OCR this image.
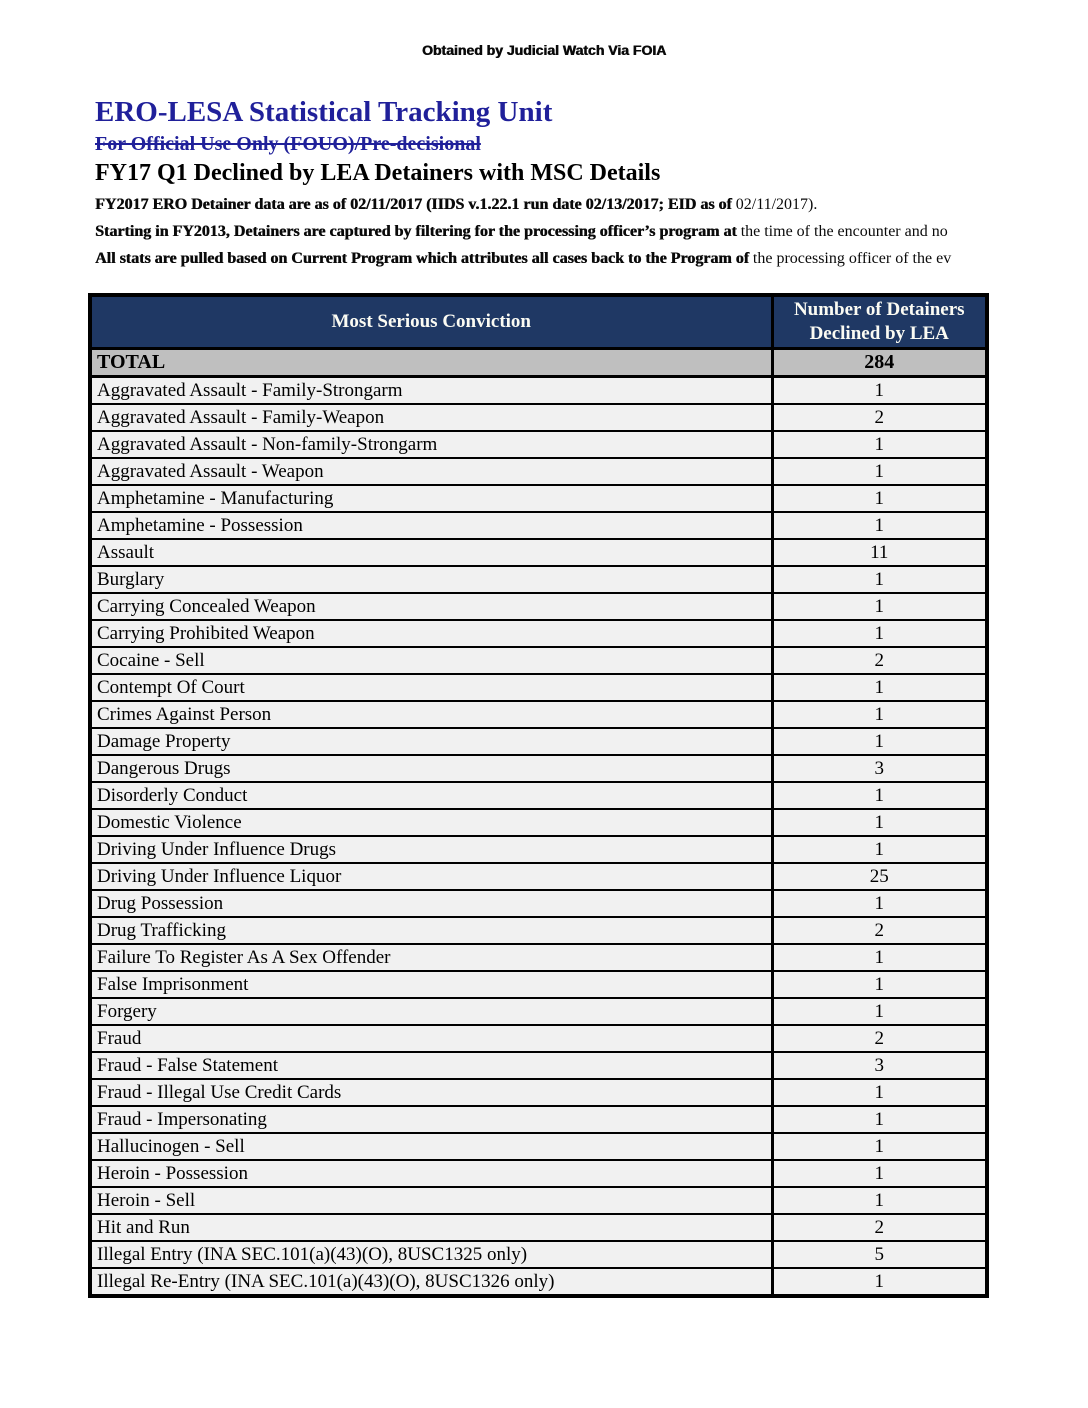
Obtained by Judicial Watch Via FOIA
ERO-LESA Statistical Tracking Unit
For Official Use Only (FOUO)/Pre-decisional
FY17 Q1 Declined by LEA Detainers with MSC Details

FY2017 ERO Detainer data are as of 02/11/2017 (IIDS v.1.22.1 run date 02/13/2017; EID as of 02/11/2017).

Starting in FY2013, Detainers are captured by filtering for the processing officer’s program at the time of the encounter and no

All stats are pulled based on Current Program which attributes all cases back to the Program of the processing officer of the ev

Most Serious Conviction	Number of Detainers
Declined by LEA
TOTAL	284
Aggravated Assault - Family-Strongarm	1
Aggravated Assault - Family-Weapon	2
Aggravated Assault - Non-family-Strongarm	1
Aggravated Assault - Weapon	1
Amphetamine - Manufacturing	1
Amphetamine - Possession	1
Assault	11
Burglary	1
Carrying Concealed Weapon	1
Carrying Prohibited Weapon	1
Cocaine - Sell	2
Contempt Of Court	1
Crimes Against Person	1
Damage Property	1
Dangerous Drugs	3
Disorderly Conduct	1
Domestic Violence	1
Driving Under Influence Drugs	1
Driving Under Influence Liquor	25
Drug Possession	1
Drug Trafficking	2
Failure To Register As A Sex Offender	1
False Imprisonment	1
Forgery	1
Fraud	2
Fraud - False Statement	3
Fraud - Illegal Use Credit Cards	1
Fraud - Impersonating	1
Hallucinogen - Sell	1
Heroin - Possession	1
Heroin - Sell	1
Hit and Run	2
Illegal Entry (INA SEC.101(a)(43)(O), 8USC1325 only)	5
Illegal Re-Entry (INA SEC.101(a)(43)(O), 8USC1326 only)	1
